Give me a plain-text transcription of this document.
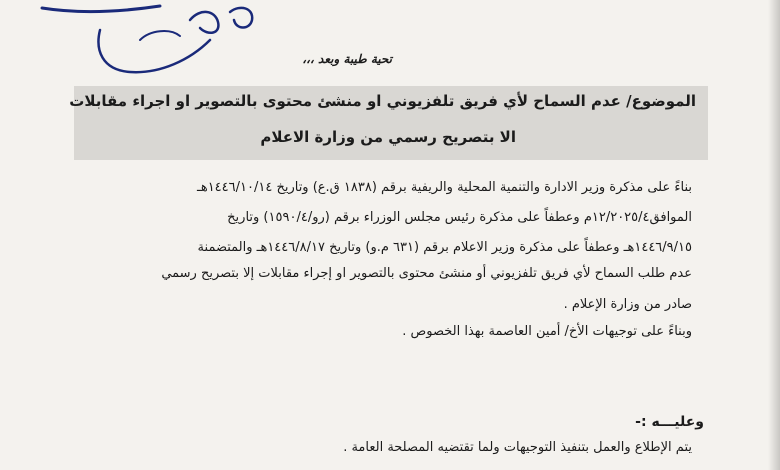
تحية طيبة وبعد ،،،
الموضوع/ عدم السماح لأي فريق تلفزيوني او منشئ محتوى بالتصوير او اجراء مقابلات
الا بتصريح رسمي من وزارة الاعلام
بناءً على مذكرة وزير الادارة والتنمية المحلية والريفية برقم (١٨٣٨ ق.ع) وتاريخ ١٤٤٦/١٠/١٤هـ
الموافق١٢/٢٠٢٥/٤م وعطفاً على مذكرة رئيس مجلس الوزراء برقم (رو/١٥٩٠/٤) وتاريخ
١٤٤٦/٩/١٥هـ وعطفاً على مذكرة وزير الاعلام برقم (٦٣١ م.و) وتاريخ ١٤٤٦/٨/١٧هـ والمتضمنة
عدم طلب السماح لأي فريق تلفزيوني أو منشئ محتوى بالتصوير او إجراء مقابلات إلا بتصريح رسمي
صادر من وزارة الإعلام .
وبناءً على توجيهات الأخ/ أمين العاصمة بهذا الخصوص .
وعليـــه :-
يتم الإطلاع والعمل بتنفيذ التوجيهات ولما تقتضيه المصلحة العامة .
